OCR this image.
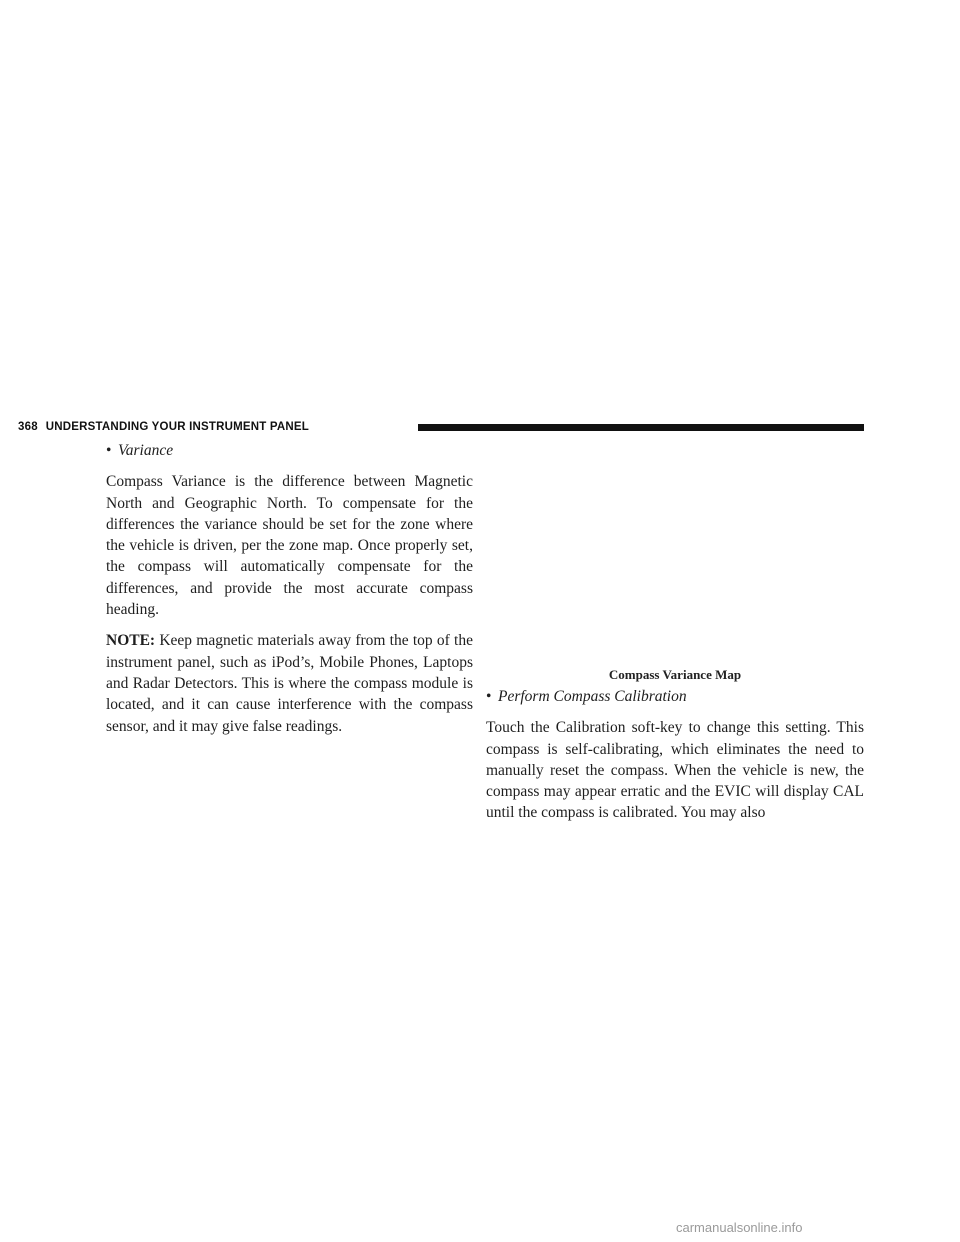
368 UNDERSTANDING YOUR INSTRUMENT PANEL

• Variance

Compass Variance is the difference between Magnetic North and Geographic North. To compensate for the differences the variance should be set for the zone where the vehicle is driven, per the zone map. Once properly set, the compass will automatically compensate for the differences, and provide the most accurate compass heading.

NOTE: Keep magnetic materials away from the top of the instrument panel, such as iPod’s, Mobile Phones, Laptops and Radar Detectors. This is where the compass module is located, and it can cause interference with the compass sensor, and it may give false readings.

Compass Variance Map

• Perform Compass Calibration

Touch the Calibration soft-key to change this setting. This compass is self-calibrating, which eliminates the need to manually reset the compass. When the vehicle is new, the compass may appear erratic and the EVIC will display CAL until the compass is calibrated. You may also

carmanualsonline.info
